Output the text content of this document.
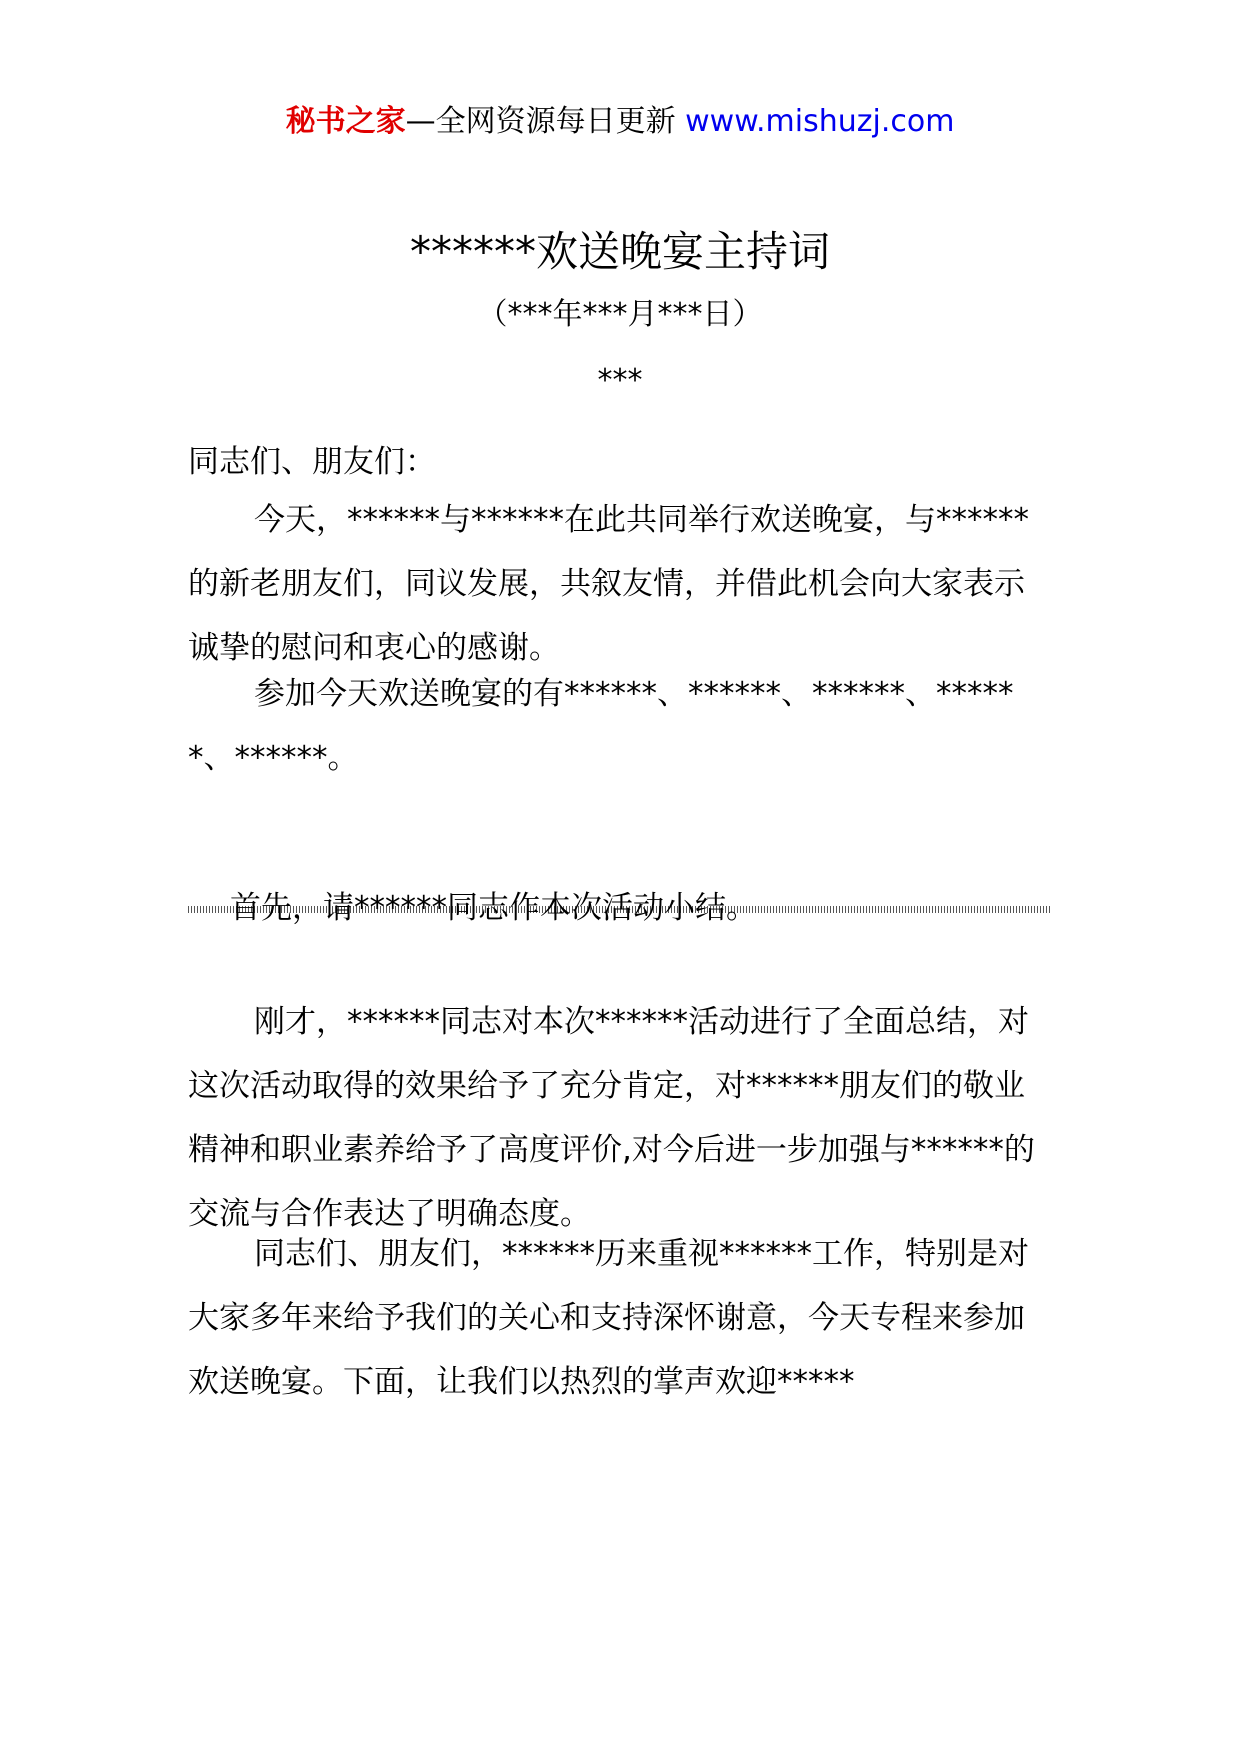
秘书之家—全网资源每日更新 www.mishuzj.com
******欢送晚宴主持词
（***年***月***日）
***

同志们、朋友们：

今天，******与******在此共同举行欢送晚宴，与******的新老朋友们，同议发展，共叙友情，并借此机会向大家表示诚挚的慰问和衷心的感谢。

参加今天欢送晚宴的有******、******、******、******、******。

首先，请******同志作本次活动小结。

刚才，******同志对本次******活动进行了全面总结，对这次活动取得的效果给予了充分肯定，对******朋友们的敬业精神和职业素养给予了高度评价,对今后进一步加强与******的交流与合作表达了明确态度。

同志们、朋友们，******历来重视******工作，特别是对大家多年来给予我们的关心和支持深怀谢意，今天专程来参加欢送晚宴。下面，让我们以热烈的掌声欢迎*****
